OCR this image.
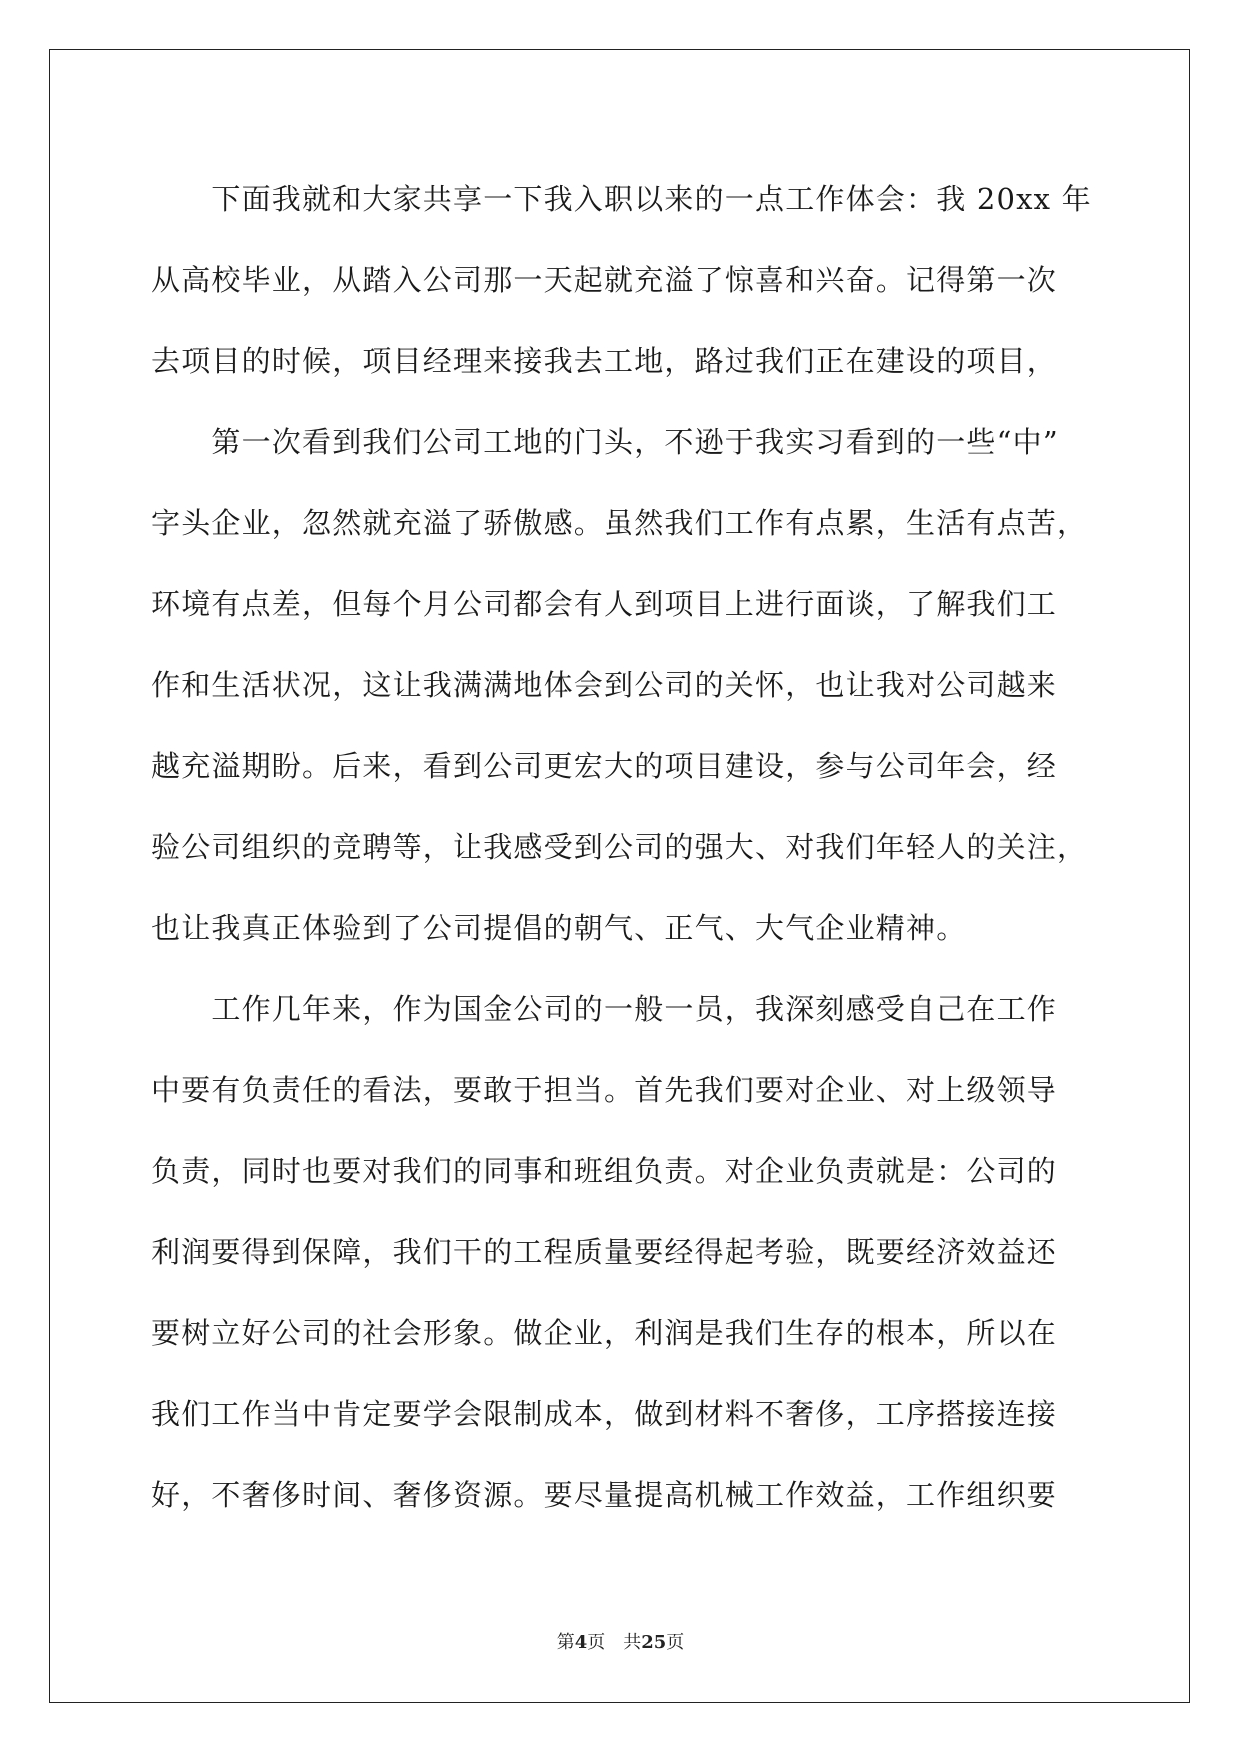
　　下面我就和大家共享一下我入职以来的一点工作体会：我 20xx 年
从高校毕业，从踏入公司那一天起就充溢了惊喜和兴奋。记得第一次
去项目的时候，项目经理来接我去工地，路过我们正在建设的项目，
　　第一次看到我们公司工地的门头，不逊于我实习看到的一些“中”
字头企业，忽然就充溢了骄傲感。虽然我们工作有点累，生活有点苦，
环境有点差，但每个月公司都会有人到项目上进行面谈，了解我们工
作和生活状况，这让我满满地体会到公司的关怀，也让我对公司越来
越充溢期盼。后来，看到公司更宏大的项目建设，参与公司年会，经
验公司组织的竞聘等，让我感受到公司的强大、对我们年轻人的关注，
也让我真正体验到了公司提倡的朝气、正气、大气企业精神。
　　工作几年来，作为国金公司的一般一员，我深刻感受自己在工作
中要有负责任的看法，要敢于担当。首先我们要对企业、对上级领导
负责，同时也要对我们的同事和班组负责。对企业负责就是：公司的
利润要得到保障，我们干的工程质量要经得起考验，既要经济效益还
要树立好公司的社会形象。做企业，利润是我们生存的根本，所以在
我们工作当中肯定要学会限制成本，做到材料不奢侈，工序搭接连接
好，不奢侈时间、奢侈资源。要尽量提高机械工作效益，工作组织要
第4页 共25页
